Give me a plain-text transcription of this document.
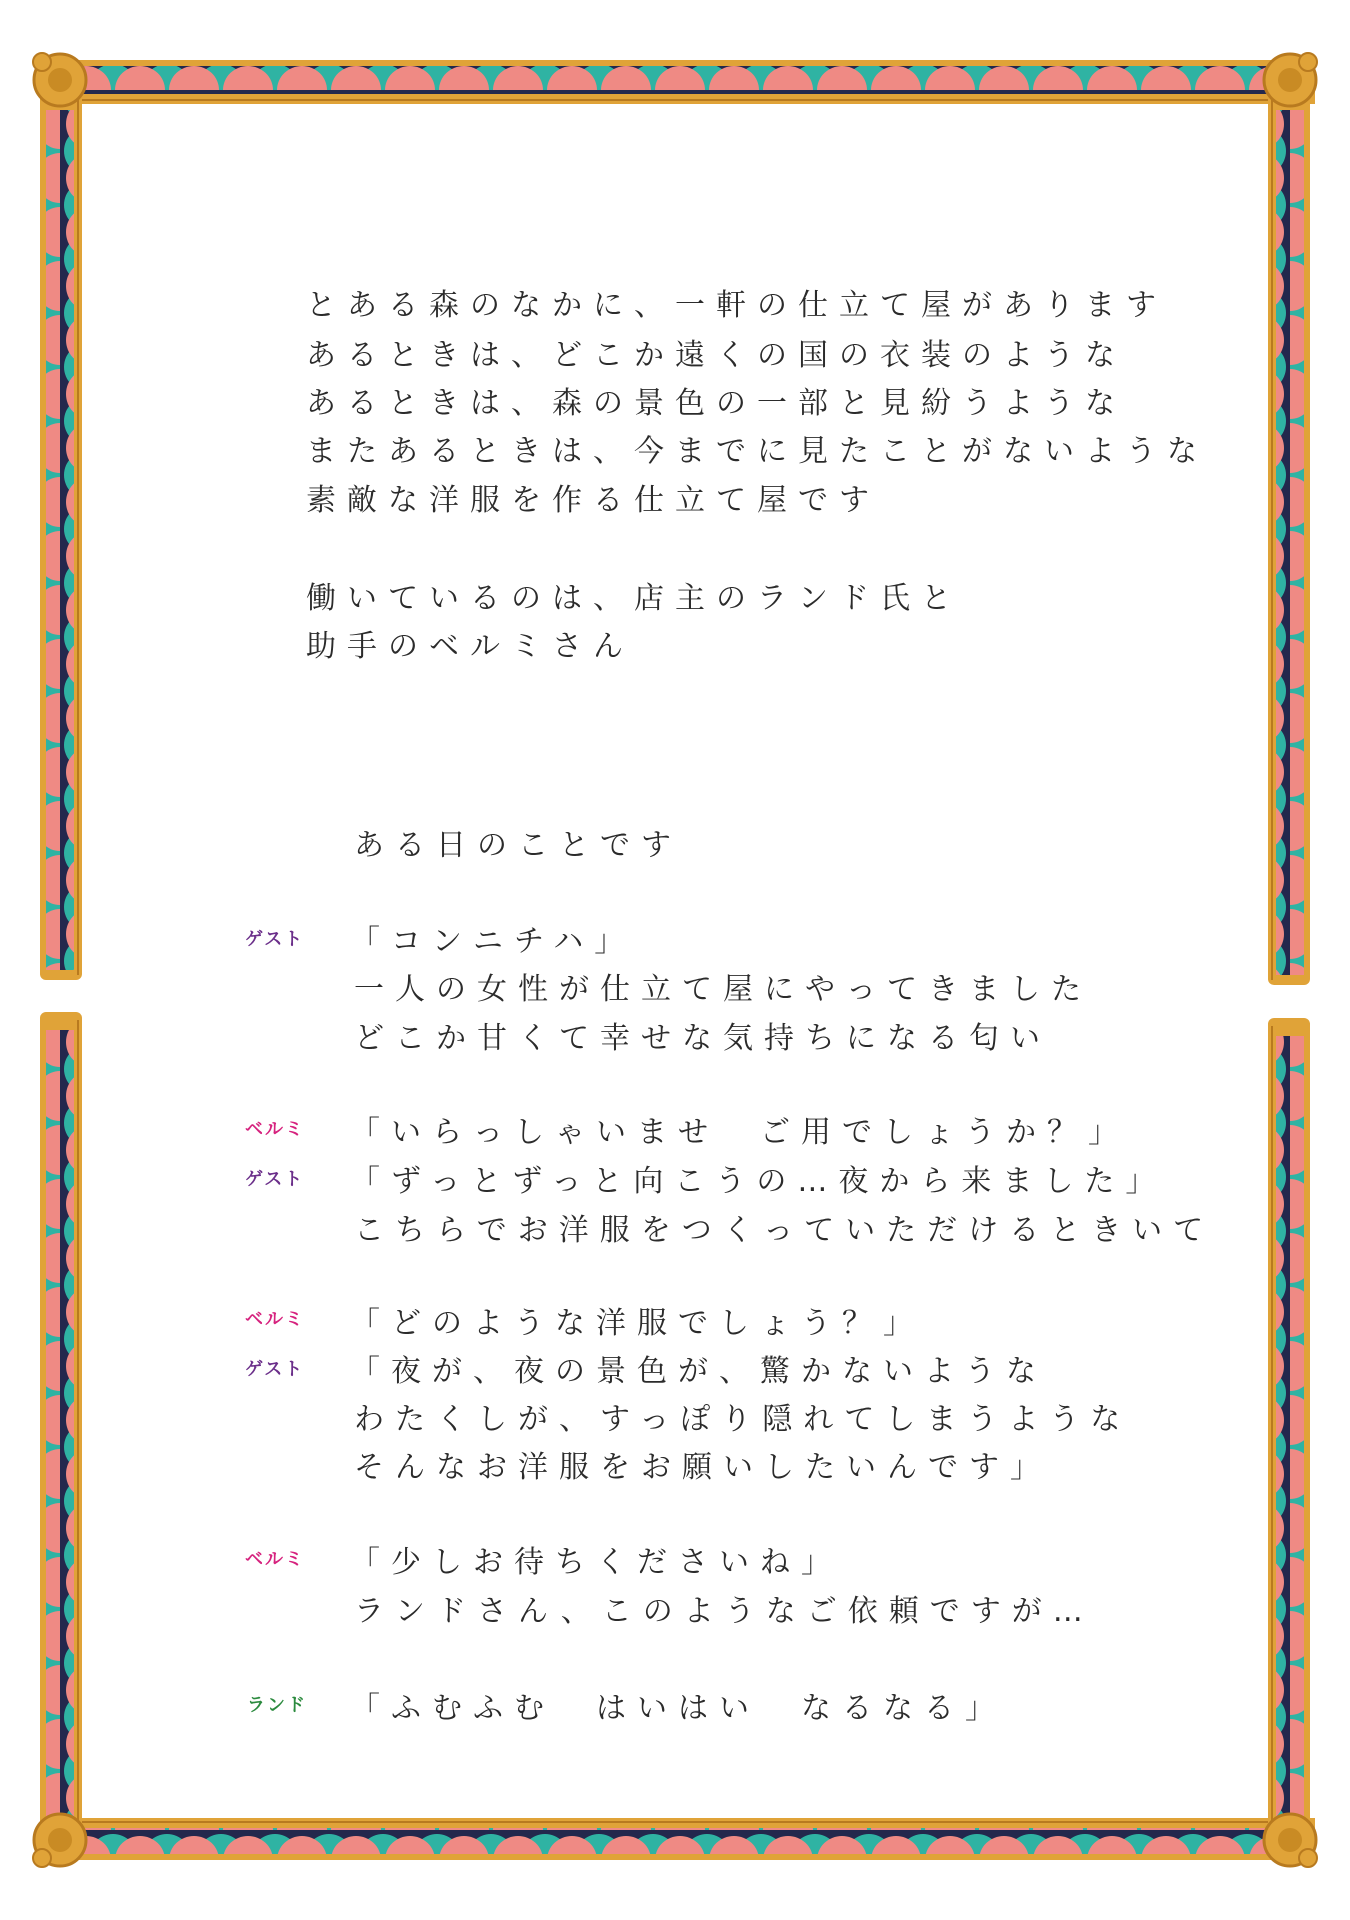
とある森のなかに、一軒の仕立て屋があります
あるときは、どこか遠くの国の衣装のような
あるときは、森の景色の一部と見紛うような
またあるときは、今までに見たことがないような
素敵な洋服を作る仕立て屋です
働いているのは、店主のランド氏と
助手のベルミさん
ある日のことです
ゲスト 「コンニチハ」
一人の女性が仕立て屋にやってきました
どこか甘くて幸せな気持ちになる匂い
ベルミ 「いらっしゃいませ　ご用でしょうか？」
ゲスト 「ずっとずっと向こうの…夜から来ました」
こちらでお洋服をつくっていただけるときいて
ベルミ 「どのような洋服でしょう？」
ゲスト 「夜が、夜の景色が、驚かないような
わたくしが、すっぽり隠れてしまうような
そんなお洋服をお願いしたいんです」
ベルミ 「少しお待ちくださいね」
ランドさん、このようなご依頼ですが…
ランド 「ふむふむ　はいはい　なるなる」
